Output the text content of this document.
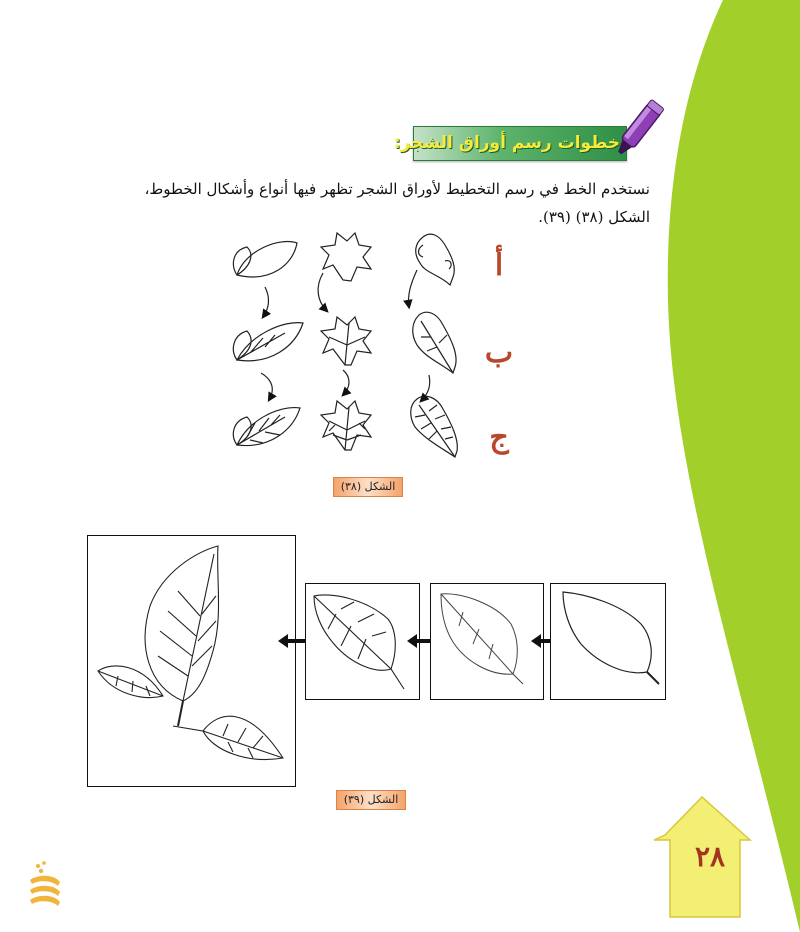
خطوات رسم أوراق الشجر:
نستخدم الخط في رسم التخطيط لأوراق الشجر تظهر فيها أنواع وأشكال الخطوط،
الشكل (٣٨) (٣٩).
أ
ب
ج
الشكل (٣٨)
الشكل (٣٩)
٢٨
